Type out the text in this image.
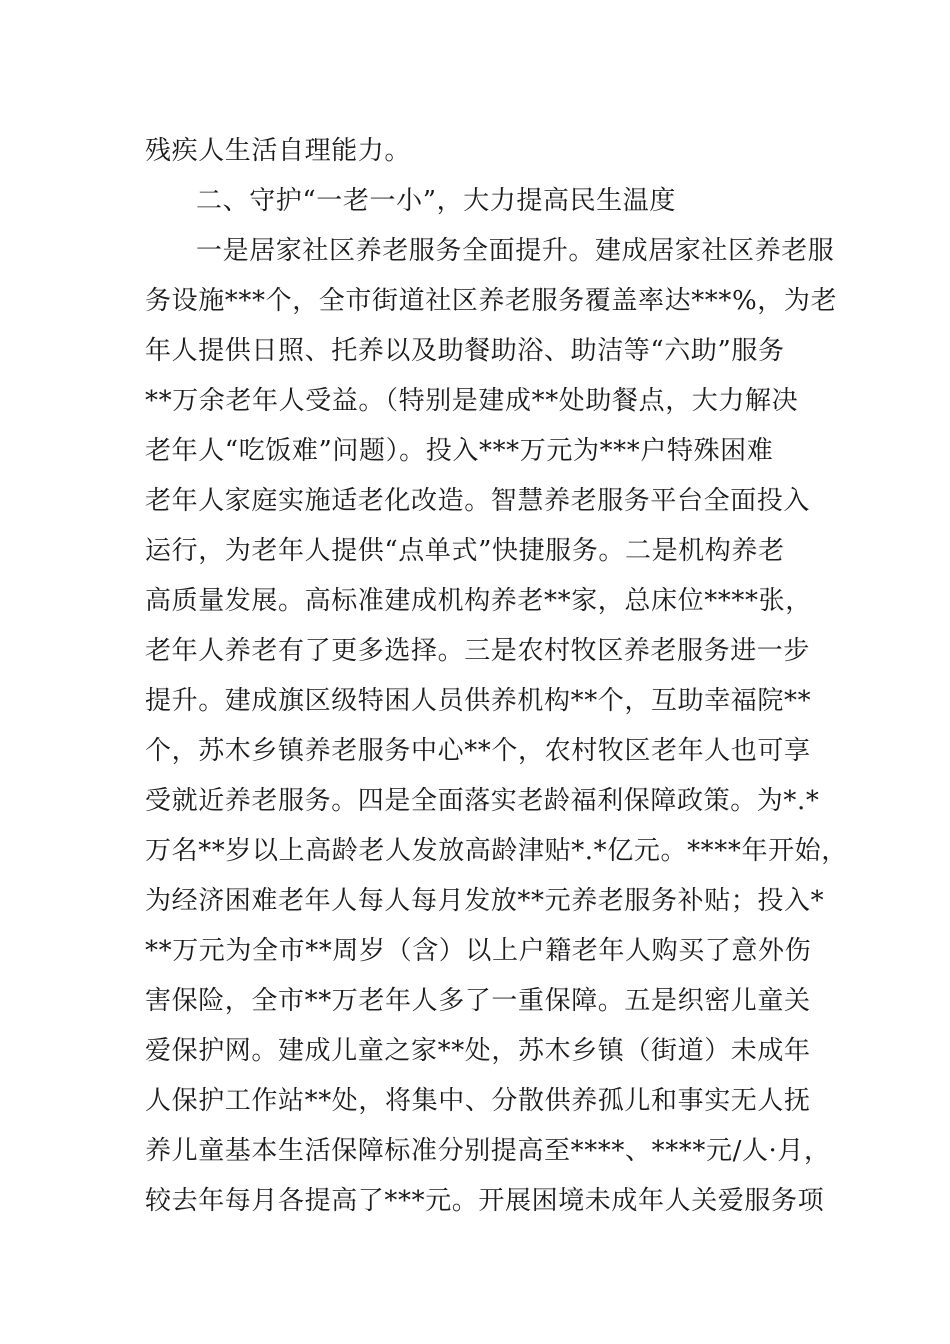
残疾人生活自理能力。
二、守护“一老一小”，大力提高民生温度
一是居家社区养老服务全面提升。建成居家社区养老服
务设施***个，全市街道社区养老服务覆盖率达***%，为老
年人提供日照、托养以及助餐助浴、助洁等“六助”服务
**万余老年人受益。（特别是建成**处助餐点，大力解决
老年人“吃饭难”问题）。投入***万元为***户特殊困难
老年人家庭实施适老化改造。智慧养老服务平台全面投入
运行，为老年人提供“点单式”快捷服务。二是机构养老
高质量发展。高标准建成机构养老**家，总床位****张，
老年人养老有了更多选择。三是农村牧区养老服务进一步
提升。建成旗区级特困人员供养机构**个，互助幸福院**
个，苏木乡镇养老服务中心**个，农村牧区老年人也可享
受就近养老服务。四是全面落实老龄福利保障政策。为*.*
万名**岁以上高龄老人发放高龄津贴*.*亿元。****年开始，
为经济困难老年人每人每月发放**元养老服务补贴；投入*
**万元为全市**周岁（含）以上户籍老年人购买了意外伤
害保险，全市**万老年人多了一重保障。五是织密儿童关
爱保护网。建成儿童之家**处，苏木乡镇（街道）未成年
人保护工作站**处，将集中、分散供养孤儿和事实无人抚
养儿童基本生活保障标准分别提高至****、****元/人·月，
较去年每月各提高了***元。开展困境未成年人关爱服务项
